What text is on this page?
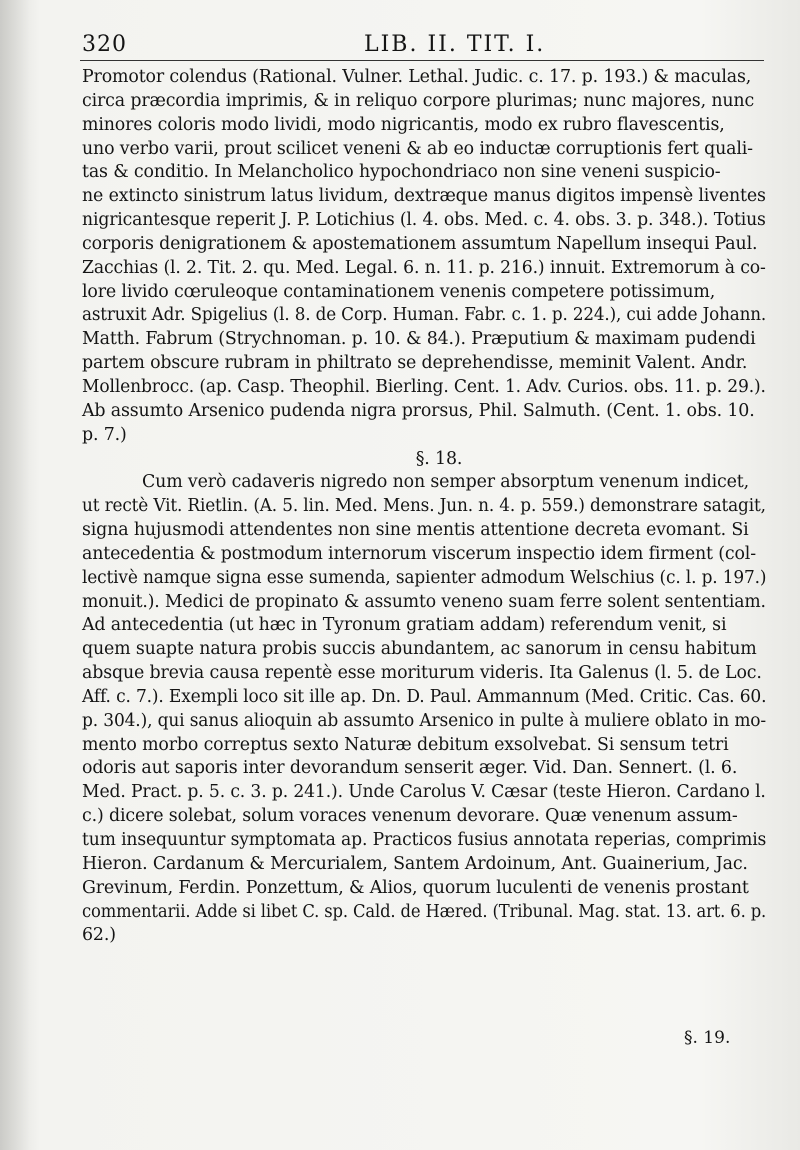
320	LIB. II. TIT. I.
Promotor colendus (Rational. Vulner. Lethal. Judic. c. 17. p. 193.) & maculas,
circa præcordia imprimis, & in reliquo corpore plurimas; nunc majores, nunc
minores coloris modo lividi, modo nigricantis, modo ex rubro flavescentis,
uno verbo varii, prout scilicet veneni & ab eo inductæ corruptionis fert quali-
tas & conditio. In Melancholico hypochondriaco non sine veneni suspicio-
ne extincto sinistrum latus lividum, dextræque manus digitos impensè liventes
nigricantesque reperit J. P. Lotichius (l. 4. obs. Med. c. 4. obs. 3. p. 348.). Totius
corporis denigrationem & apostemationem assumtum Napellum insequi Paul.
Zacchias (l. 2. Tit. 2. qu. Med. Legal. 6. n. 11. p. 216.) innuit. Extremorum à co-
lore livido cœruleoque contaminationem venenis competere potissimum,
astruxit Adr. Spigelius (l. 8. de Corp. Human. Fabr. c. 1. p. 224.), cui adde Johann.
Matth. Fabrum (Strychnoman. p. 10. & 84.). Præputium & maximam pudendi
partem obscure rubram in philtrato se deprehendisse, meminit Valent. Andr.
Mollenbrocc. (ap. Casp. Theophil. Bierling. Cent. 1. Adv. Curios. obs. 11. p. 29.).
Ab assumto Arsenico pudenda nigra prorsus, Phil. Salmuth. (Cent. 1. obs. 10.
p. 7.)
§. 18.
Cum verò cadaveris nigredo non semper absorptum venenum indicet,
ut rectè Vit. Rietlin. (A. 5. lin. Med. Mens. Jun. n. 4. p. 559.) demonstrare satagit,
signa hujusmodi attendentes non sine mentis attentione decreta evomant. Si
antecedentia & postmodum internorum viscerum inspectio idem firment (col-
lectivè namque signa esse sumenda, sapienter admodum Welschius (c. l. p. 197.)
monuit.). Medici de propinato & assumto veneno suam ferre solent sententiam.
Ad antecedentia (ut hæc in Tyronum gratiam addam) referendum venit, si
quem suapte natura probis succis abundantem, ac sanorum in censu habitum
absque brevia causa repentè esse moriturum videris. Ita Galenus (l. 5. de Loc.
Aff. c. 7.). Exempli loco sit ille ap. Dn. D. Paul. Ammannum (Med. Critic. Cas. 60.
p. 304.), qui sanus alioquin ab assumto Arsenico in pulte à muliere oblato in mo-
mento morbo correptus sexto Naturæ debitum exsolvebat. Si sensum tetri
odoris aut saporis inter devorandum senserit æger. Vid. Dan. Sennert. (l. 6.
Med. Pract. p. 5. c. 3. p. 241.). Unde Carolus V. Cæsar (teste Hieron. Cardano l.
c.) dicere solebat, solum voraces venenum devorare. Quæ venenum assum-
tum insequuntur symptomata ap. Practicos fusius annotata reperias, comprimis
Hieron. Cardanum & Mercurialem, Santem Ardoinum, Ant. Guainerium, Jac.
Grevinum, Ferdin. Ponzettum, & Alios, quorum luculenti de venenis prostant
commentarii. Adde si libet C. sp. Cald. de Hæred. (Tribunal. Mag. stat. 13. art. 6. p.
62.)
§. 19.
